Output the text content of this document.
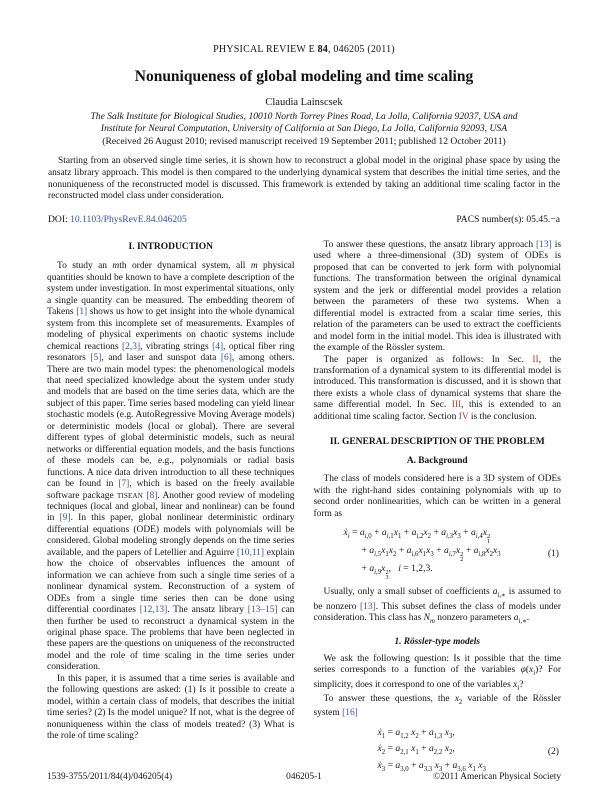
PHYSICAL REVIEW E 84, 046205 (2011)
Nonuniqueness of global modeling and time scaling
Claudia Lainscsek
The Salk Institute for Biological Studies, 10010 North Torrey Pines Road, La Jolla, California 92037, USA and
Institute for Neural Computation, University of California at San Diego, La Jolla, California 92093, USA
(Received 26 August 2010; revised manuscript received 19 September 2011; published 12 October 2011)
Starting from an observed single time series, it is shown how to reconstruct a global model in the original phase space by using the ansatz library approach. This model is then compared to the underlying dynamical system that describes the initial time series, and the nonuniqueness of the reconstructed model is discussed. This framework is extended by taking an additional time scaling factor in the reconstructed model class under consideration.
DOI: 10.1103/PhysRevE.84.046205	PACS number(s): 05.45.−a
I. INTRODUCTION

To study an mth order dynamical system, all m physical quantities should be known to have a complete description of the system under investigation. In most experimental situations, only a single quantity can be measured. The embedding theorem of Takens [1] shows us how to get insight into the whole dynamical system from this incomplete set of measurements. Examples of modeling of physical experiments on chaotic systems include chemical reactions [2,3], vibrating strings [4], optical fiber ring resonators [5], and laser and sunspot data [6], among others. There are two main model types: the phenomenological models that need specialized knowledge about the system under study and models that are based on the time series data, which are the subject of this paper. Time series based modeling can yield linear stochastic models (e.g. AutoRegressive Moving Average models) or deterministic models (local or global). There are several different types of global deterministic models, such as neural networks or differential equation models, and the basis functions of these models can be, e.g., polynomials or radial basis functions. A nice data driven introduction to all these techniques can be found in [7], which is based on the freely available software package tisean [8]. Another good review of modeling techniques (local and global, linear and nonlinear) can be found in [9]. In this paper, global nonlinear deterministic ordinary differential equations (ODE) models with polynomials will be considered. Global modeling strongly depends on the time series available, and the papers of Letellier and Aguirre [10,11] explain how the choice of observables influences the amount of information we can achieve from such a single time series of a nonlinear dynamical system. Reconstruction of a system of ODEs from a single time series then can be done using differential coordinates [12,13]. The ansatz library [13–15] can then further be used to reconstruct a dynamical system in the original phase space. The problems that have been neglected in these papers are the questions on uniqueness of the reconstructed model and the role of time scaling in the time series under consideration.

In this paper, it is assumed that a time series is available and the following questions are asked: (1) Is it possible to create a model, within a certain class of models, that describes the initial time series? (2) Is the model unique? If not, what is the degree of nonuniqueness within the class of models treated? (3) What is the role of time scaling?

To answer these questions, the ansatz library approach [13] is used where a three-dimensional (3D) system of ODEs is proposed that can be converted to jerk form with polynomial functions. The transformation between the original dynamical system and the jerk or differential model provides a relation between the parameters of these two systems. When a differential model is extracted from a scalar time series, this relation of the parameters can be used to extract the coefficients and model form in the initial model. This idea is illustrated with the example of the Rössler system.

The paper is organized as follows: In Sec. II, the transformation of a dynamical system to its differential model is introduced. This transformation is discussed, and it is shown that there exists a whole class of dynamical systems that share the same differential model. In Sec. III, this is extended to an additional time scaling factor. Section IV is the conclusion.

II. GENERAL DESCRIPTION OF THE PROBLEM
A. Background

The class of models considered here is a 3D system of ODEs with the right-hand sides containing polynomials with up to second order nonlinearities, which can be written in a general form as

$ẋ_i = a_{i,0} + a_{i,1}x_1 + a_{i,2}x_2 + a_{i,3}x_3 + a_{i,4}x$ 2
1
+ $a_{i,5}x_1x_2 + a_{i,6}x_1x_3 + a_{i,7}x$ 2
2
+ $a_{i,8}x_2x_3$
+ $a_{i,9}x$ 2
3
,   i = 1,2,3.
(1)

Usually, only a small subset of coefficients $a_{i,∗}$ is assumed to be nonzero [13]. This subset defines the class of models under consideration. This class has $N_m$ nonzero parameters $a_{i,∗}$.

1. Rössler-type models

We ask the following question: Is it possible that the time series corresponds to a function of the variables $\varphi(x_i)$? For simplicity, does it correspond to one of the variables $x_i$?

To answer these questions, the $x_2$ variable of the Rössler system [16]

$ẋ_1 = a_{1,2}$ $x_2 + a_{1,3}$ $x_3$,
$ẋ_2 = a_{2,1}$ $x_1 + a_{2,2}$ $x_2$,
$ẋ_3 = a_{3,0} + a_{3,3}$ $x_3 + a_{3,6}$ $x_1$ $x_3$
(2)
046205-1
1539-3755/2011/84(4)/046205(4)	©2011 American Physical Society
